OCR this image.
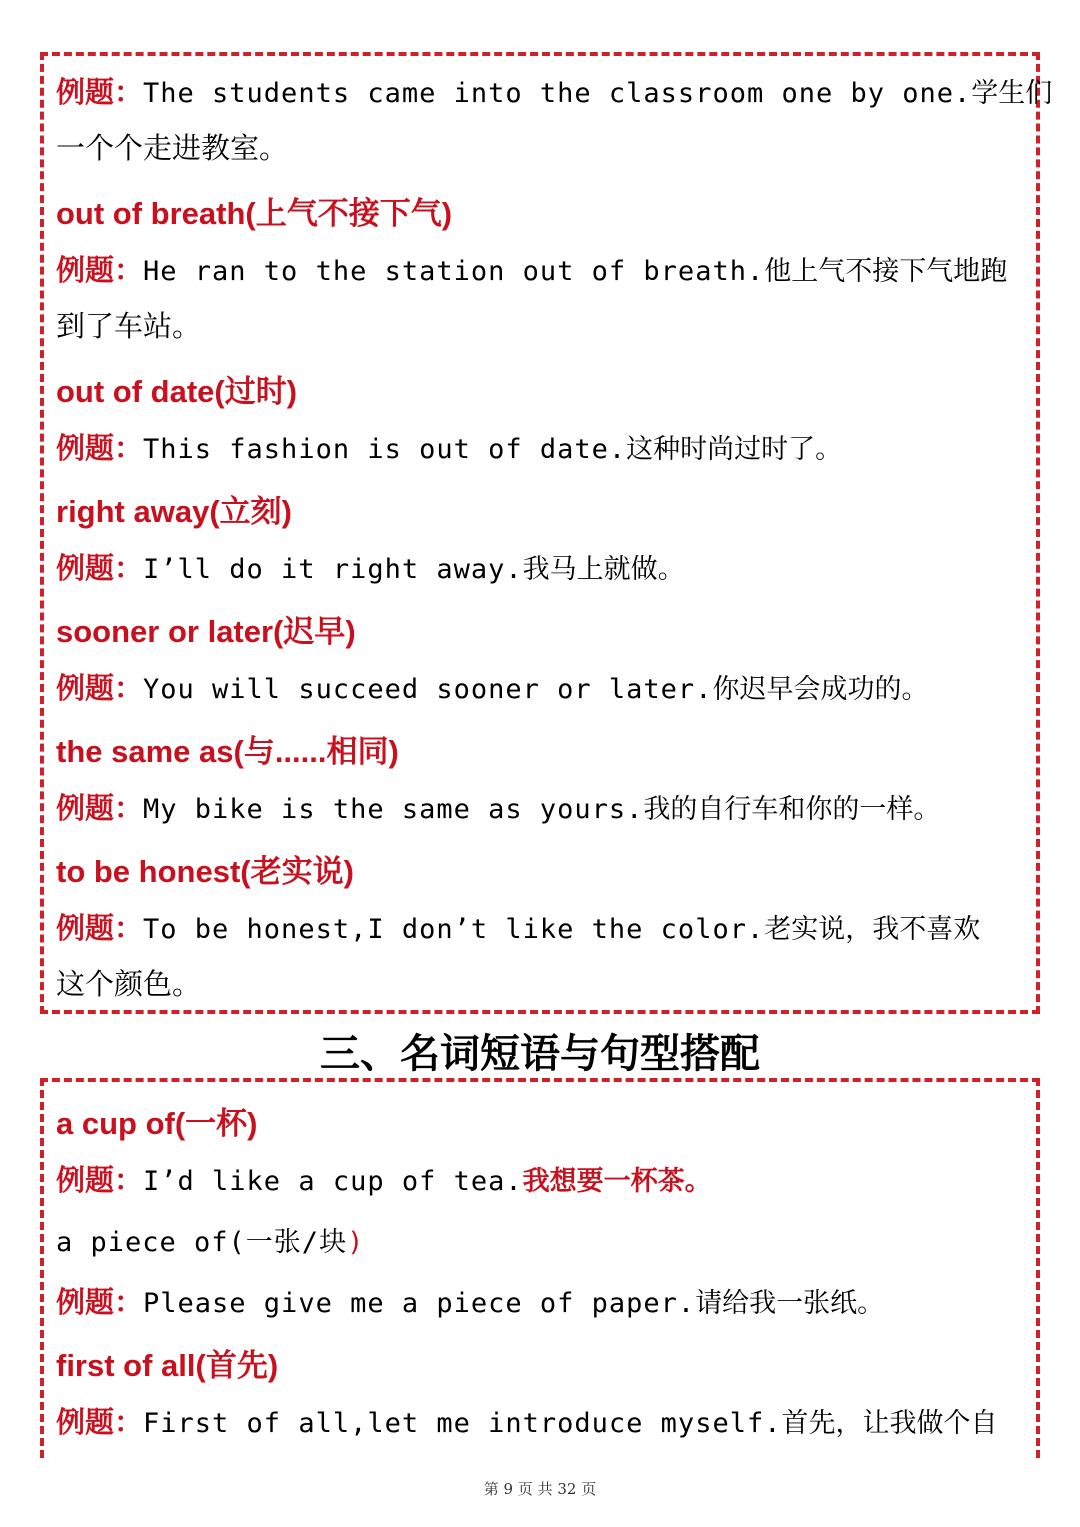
例题：The students came into the classroom one by one.学生们
一个个走进教室。
out of breath(上气不接下气)
例题：He ran to the station out of breath.他上气不接下气地跑
到了车站。
out of date(过时)
例题：This fashion is out of date.这种时尚过时了。
right away(立刻)
例题：I’ll do it right away.我马上就做。
sooner or later(迟早)
例题：You will succeed sooner or later.你迟早会成功的。
the same as(与......相同)
例题：My bike is the same as yours.我的自行车和你的一样。
to be honest(老实说)
例题：To be honest,I don’t like the color.老实说，我不喜欢
这个颜色。
三、名词短语与句型搭配
a cup of(一杯)
例题：I’d like a cup of tea.我想要一杯茶。
a piece of(一张/块)
例题：Please give me a piece of paper.请给我一张纸。
first of all(首先)
例题：First of all,let me introduce myself.首先，让我做个自
第 9 页 共 32 页
